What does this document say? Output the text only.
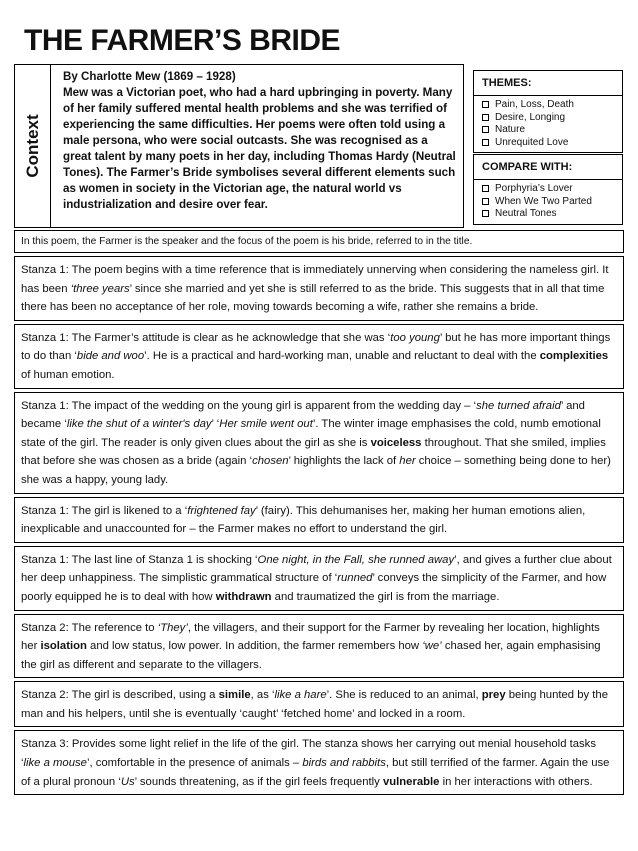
THE FARMER’S BRIDE
Context

By Charlotte Mew (1869 – 1928)

Mew was a Victorian poet, who had a hard upbringing in poverty. Many of her family suffered mental health problems and she was terrified of experiencing the same difficulties. Her poems were often told using a male persona, who were social outcasts. She was recognised as a great talent by many poets in her day, including Thomas Hardy (Neutral Tones). The Farmer’s Bride symbolises several different elements such as women in society in the Victorian age, the natural world vs industrialization and desire over fear.

THEMES:
Pain, Loss, Death
Desire, Longing
Nature
Unrequited Love
COMPARE WITH:
Porphyria’s Lover
When We Two Parted
Neutral Tones

In this poem, the Farmer is the speaker and the focus of the poem is his bride, referred to in the title.

Stanza 1: The poem begins with a time reference that is immediately unnerving when considering the nameless girl. It has been ‘three years’ since she married and yet she is still referred to as the bride. This suggests that in all that time there has been no acceptance of her role, moving towards becoming a wife, rather she remains a bride.

Stanza 1: The Farmer’s attitude is clear as he acknowledge that she was ‘too young’ but he has more important things to do than ‘bide and woo’. He is a practical and hard-working man, unable and reluctant to deal with the complexities of human emotion.

Stanza 1: The impact of the wedding on the young girl is apparent from the wedding day – ‘she turned afraid’ and became ‘like the shut of a winter's day’ ‘Her smile went out’. The winter image emphasises the cold, numb emotional state of the girl. The reader is only given clues about the girl as she is voiceless throughout. That she smiled, implies that before she was chosen as a bride (again ‘chosen’ highlights the lack of her choice – something being done to her) she was a happy, young lady.

Stanza 1: The girl is likened to a ‘frightened fay’ (fairy). This dehumanises her, making her human emotions alien, inexplicable and unaccounted for – the Farmer makes no effort to understand the girl.

Stanza 1: The last line of Stanza 1 is shocking ‘One night, in the Fall, she runned away’, and gives a further clue about her deep unhappiness. The simplistic grammatical structure of ‘runned’ conveys the simplicity of the Farmer, and how poorly equipped he is to deal with how withdrawn and traumatized the girl is from the marriage.

Stanza 2: The reference to ‘They’, the villagers, and their support for the Farmer by revealing her location, highlights her isolation and low status, low power. In addition, the farmer remembers how ‘we’ chased her, again emphasising the girl as different and separate to the villagers.

Stanza 2: The girl is described, using a simile, as ‘like a hare’. She is reduced to an animal, prey being hunted by the man and his helpers, until she is eventually ‘caught’ ‘fetched home’ and locked in a room.

Stanza 3: Provides some light relief in the life of the girl. The stanza shows her carrying out menial household tasks ‘like a mouse’, comfortable in the presence of animals – birds and rabbits, but still terrified of the farmer. Again the use of a plural pronoun ‘Us’ sounds threatening, as if the girl feels frequently vulnerable in her interactions with others.
